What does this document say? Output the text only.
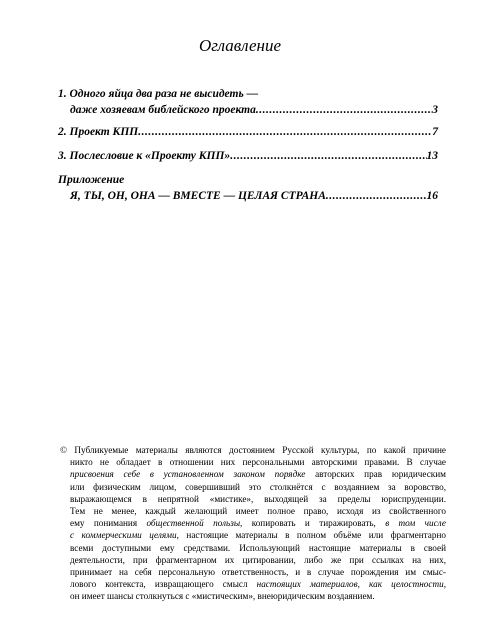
Оглавление
1. Одного яйца два раза не высидеть —
даже хозяевам библейского проекта .....	3
2. Проект КПП .....	7
3. Послесловие к «Проекту КПП» .....	13
Приложение
Я, ТЫ, ОН, ОНА — ВМЕСТЕ — ЦЕЛАЯ СТРАНА .....	16
© Публикуемые материалы являются достоянием Русской культуры, по какой причине
никто не обладает в отношении них персональными авторскими правами. В случае
присвоения себе в установленном законом порядке авторских прав юридическим
или физическим лицом, совершивший это столкнётся с воздаянием за воровство,
выражающемся в непрятной «мистике», выходящей за пределы юриспруденции.
Тем не менее, каждый желающий имеет полное право, исходя из свойственного
ему понимания общественной пользы, копировать и тиражировать, в том числе
с коммерческими целями, настоящие материалы в полном объёме или фрагментарно
всеми доступными ему средствами. Использующий настоящие материалы в своей
деятельности, при фрагментарном их цитировании, либо же при ссылках на них,
принимает на себя персональную ответственность, и в случае порождения им смыс-
лового контекста, извращающего смысл настоящих материалов, как целостности,
он имеет шансы столкнуться с «мистическим», внеюридическим воздаянием.
